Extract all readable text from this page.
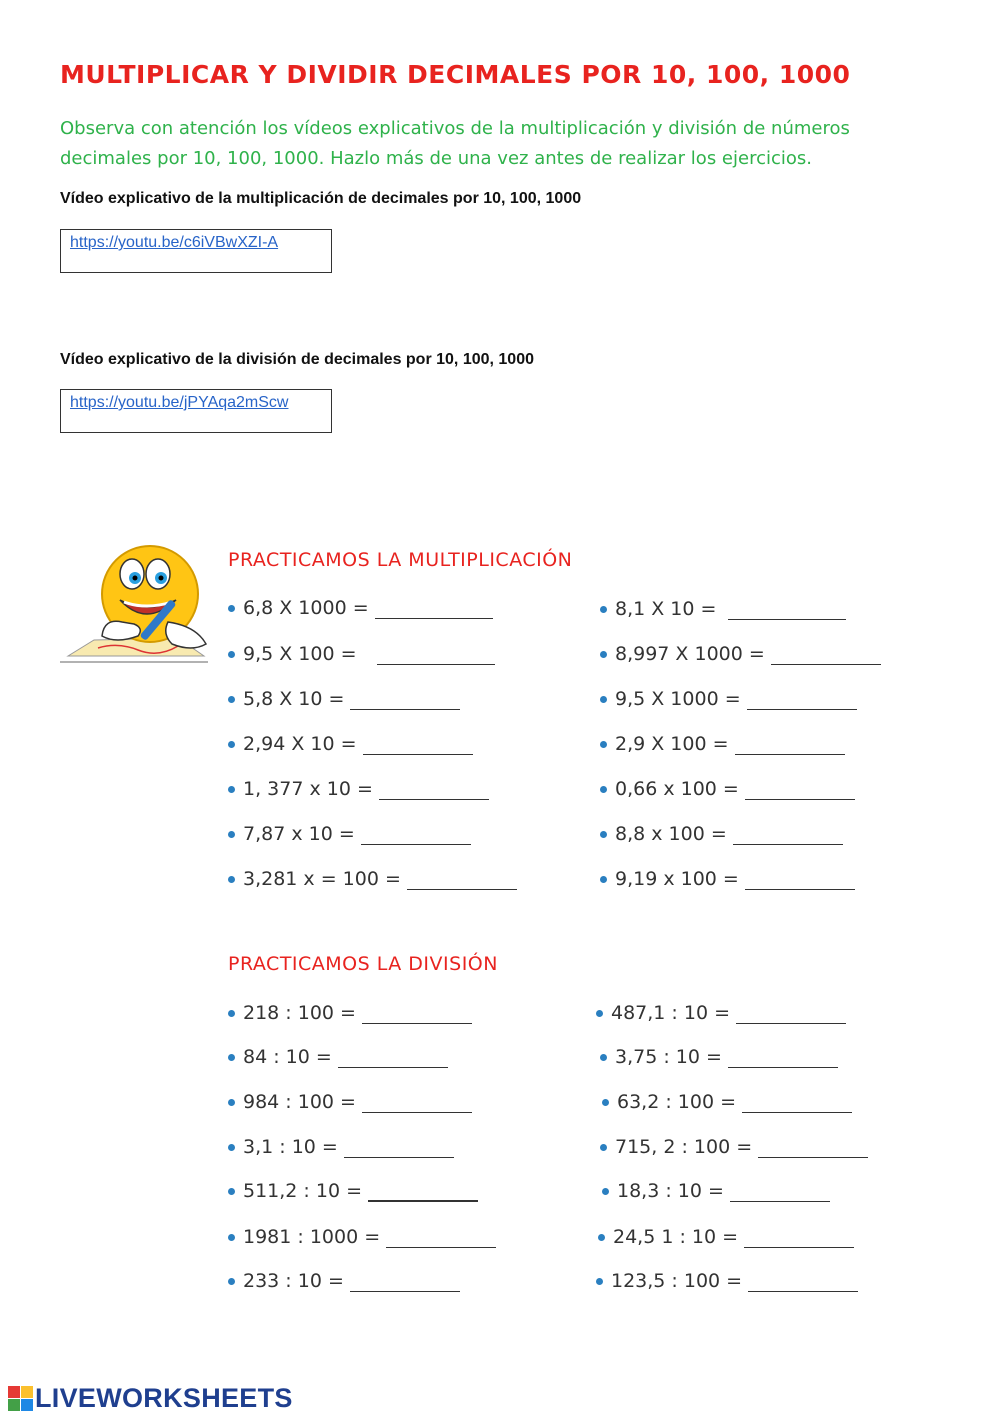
MULTIPLICAR Y DIVIDIR DECIMALES POR 10, 100, 1000

Observa con atención los vídeos explicativos de la multiplicación y división de números decimales por 10, 100, 1000. Hazlo más de una vez antes de realizar los ejercicios.

Vídeo explicativo de la multiplicación de decimales por 10, 100, 1000
https://youtu.be/c6iVBwXZI-A
Vídeo explicativo de la división de decimales por 10, 100, 1000
https://youtu.be/jPYAqa2mScw
PRACTICAMOS LA MULTIPLICACIÓN
6,8 X 1000 =
9,5 X 100 =
5,8 X 10 =
2,94 X 10 =
1, 377 x 10 =
7,87 x 10 =
3,281 x = 100 =
8,1 X 10 =
8,997 X 1000 =
9,5 X 1000 =
2,9 X 100 =
0,66 x 100 =
8,8 x 100 =
9,19 x 100 =
PRACTICAMOS LA DIVISIÓN
218 : 100 =
84 : 10 =
984 : 100 =
3,1 : 10 =
511,2 : 10 =
1981 : 1000 =
233 : 10 =
487,1 : 10 =
3,75 : 10 =
63,2 : 100 =
715, 2 : 100 =
18,3 : 10 =
24,5 1 : 10 =
123,5 : 100 =
LIVEWORKSHEETS
